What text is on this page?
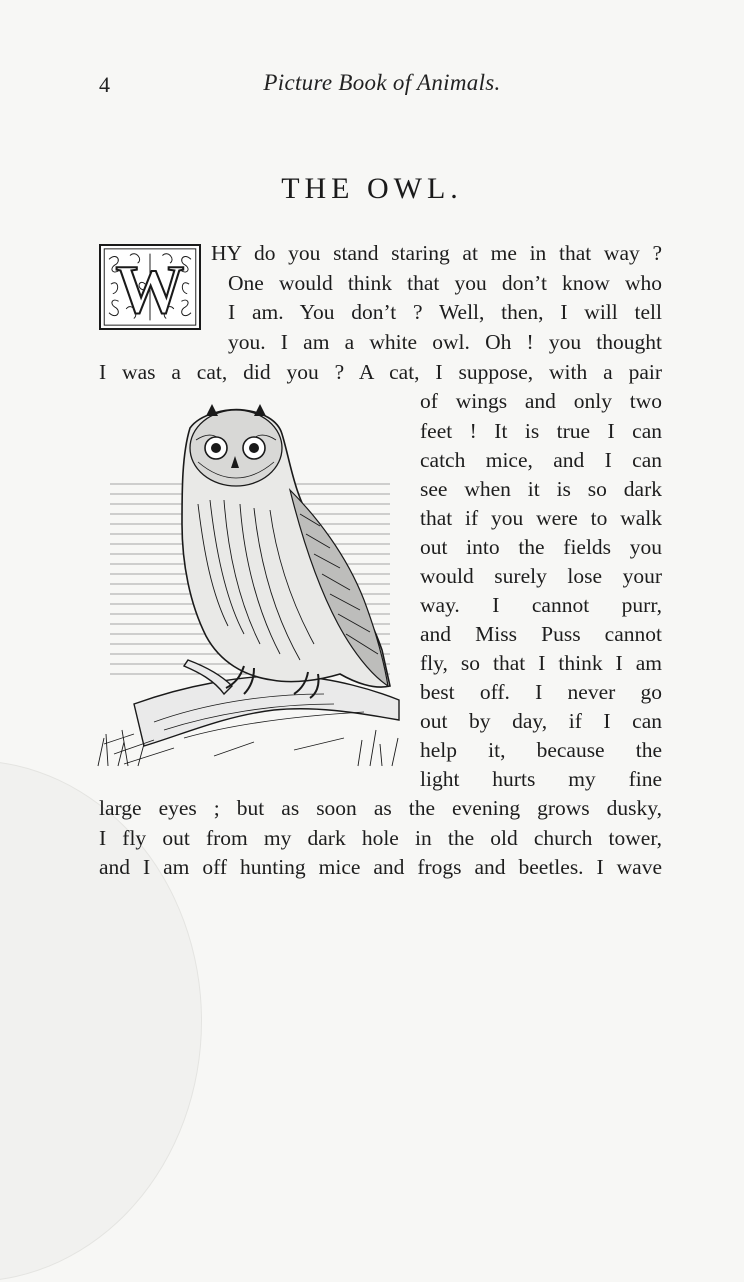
4	Picture Book of Animals.
THE OWL.
W HY do you stand staring at me in that way ?
One would think that you don’t know who
I am. You don’t ? Well, then, I will tell
you. I am a white owl. Oh ! you thought
I was a cat, did you ? A cat, I suppose, with a pair
of wings and only two
feet ! It is true I can
catch mice, and I can
see when it is so dark
that if you were to walk
out into the fields you
would surely lose your
way. I cannot purr,
and Miss Puss cannot
fly, so that I think I am
best off. I never go
out by day, if I can
help it, because the
light hurts my fine
large eyes ; but as soon as the evening grows dusky,
I fly out from my dark hole in the old church tower,
and I am off hunting mice and frogs and beetles. I wave
